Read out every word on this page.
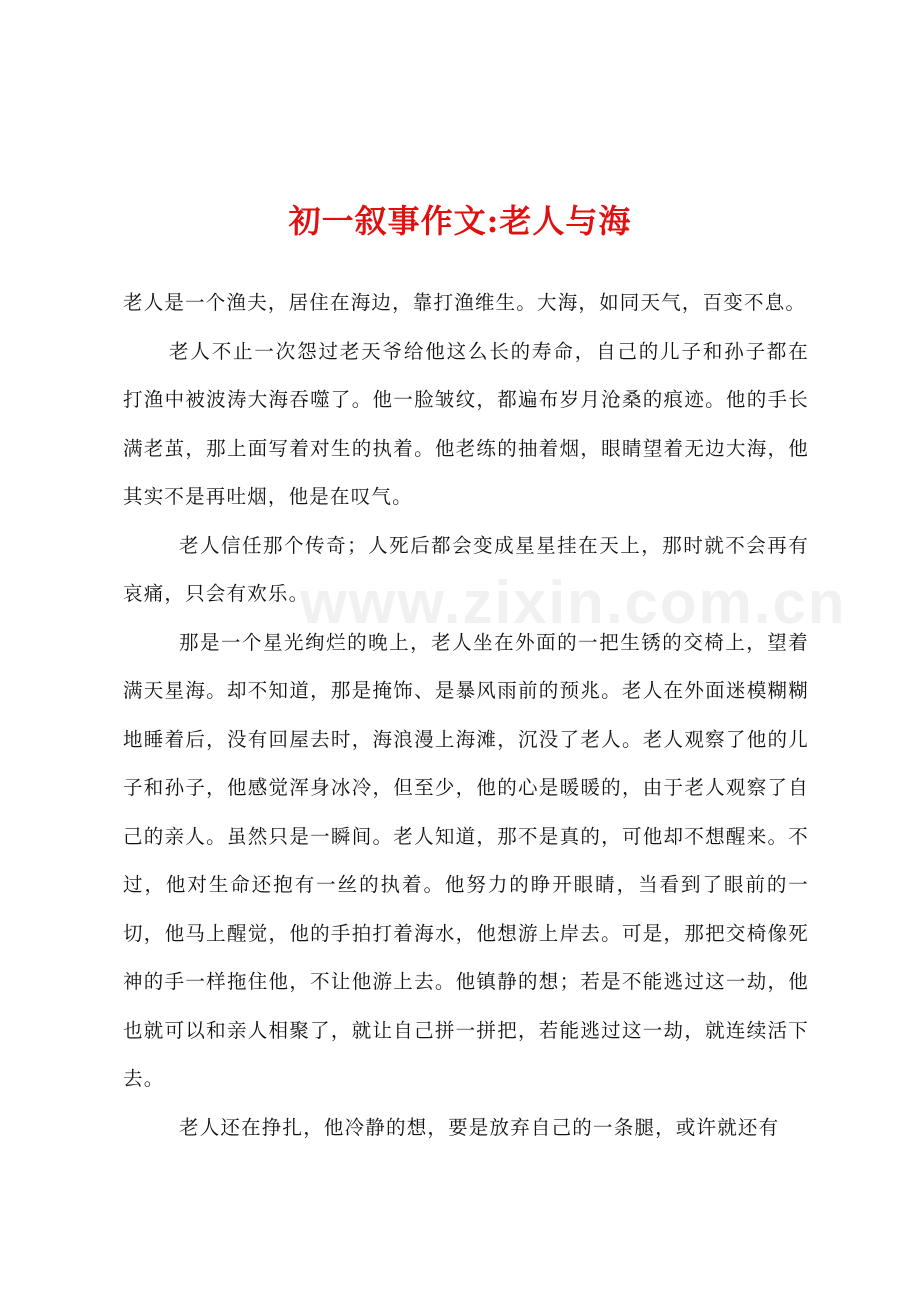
初一叙事作文:老人与海
www.zixin.com.cn

老人是一个渔夫，居住在海边，靠打渔维生。大海，如同天气，百变不息。

老人不止一次怨过老天爷给他这么长的寿命，自己的儿子和孙子都在打渔中被波涛大海吞噬了。他一脸皱纹，都遍布岁月沧桑的痕迹。他的手长满老茧，那上面写着对生的执着。他老练的抽着烟，眼睛望着无边大海，他其实不是再吐烟，他是在叹气。

老人信任那个传奇；人死后都会变成星星挂在天上，那时就不会再有哀痛，只会有欢乐。

那是一个星光绚烂的晚上，老人坐在外面的一把生锈的交椅上，望着满天星海。却不知道，那是掩饰、是暴风雨前的预兆。老人在外面迷模糊糊地睡着后，没有回屋去时，海浪漫上海滩，沉没了老人。老人观察了他的儿子和孙子，他感觉浑身冰冷，但至少，他的心是暖暖的，由于老人观察了自己的亲人。虽然只是一瞬间。老人知道，那不是真的，可他却不想醒来。不过，他对生命还抱有一丝的执着。他努力的睁开眼睛，当看到了眼前的一切，他马上醒觉，他的手拍打着海水，他想游上岸去。可是，那把交椅像死神的手一样拖住他，不让他游上去。他镇静的想；若是不能逃过这一劫，他也就可以和亲人相聚了，就让自己拼一拼把，若能逃过这一劫，就连续活下去。

老人还在挣扎，他冷静的想，要是放弃自己的一条腿，或许就还有
